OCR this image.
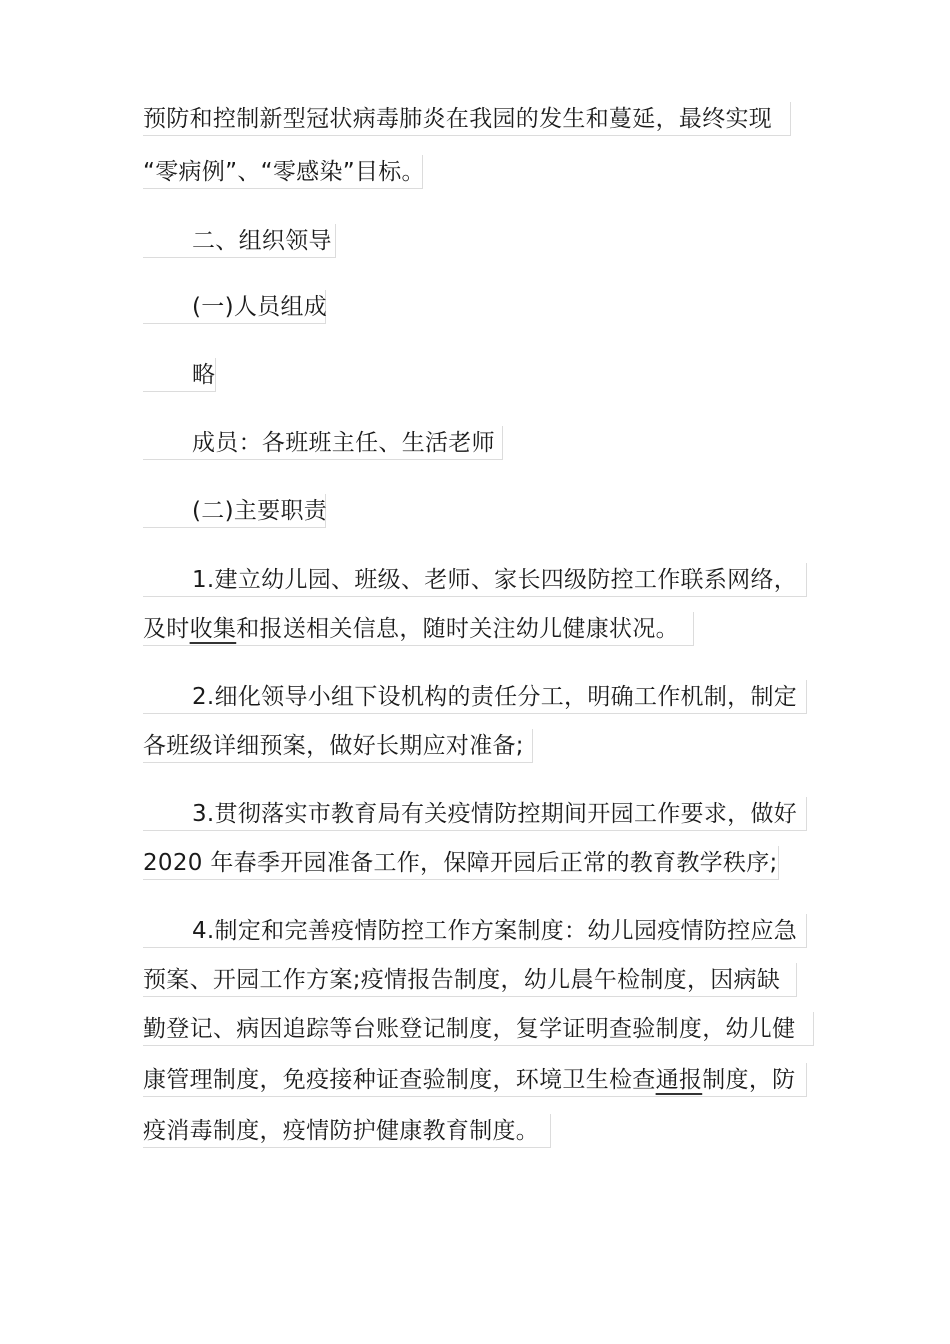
预防和控制新型冠状病毒肺炎在我园的发生和蔓延，最终实现
“零病例”、“零感染”目标。
二、组织领导
(一)人员组成
略
成员：各班班主任、生活老师
(二)主要职责
1.建立幼儿园、班级、老师、家长四级防控工作联系网络，
及时收集和报送相关信息，随时关注幼儿健康状况。
2.细化领导小组下设机构的责任分工，明确工作机制，制定
各班级详细预案，做好长期应对准备;
3.贯彻落实市教育局有关疫情防控期间开园工作要求，做好
2020 年春季开园准备工作，保障开园后正常的教育教学秩序;
4.制定和完善疫情防控工作方案制度：幼儿园疫情防控应急
预案、开园工作方案;疫情报告制度，幼儿晨午检制度，因病缺
勤登记、病因追踪等台账登记制度，复学证明查验制度，幼儿健
康管理制度，免疫接种证查验制度，环境卫生检查通报制度，防
疫消毒制度，疫情防护健康教育制度。
